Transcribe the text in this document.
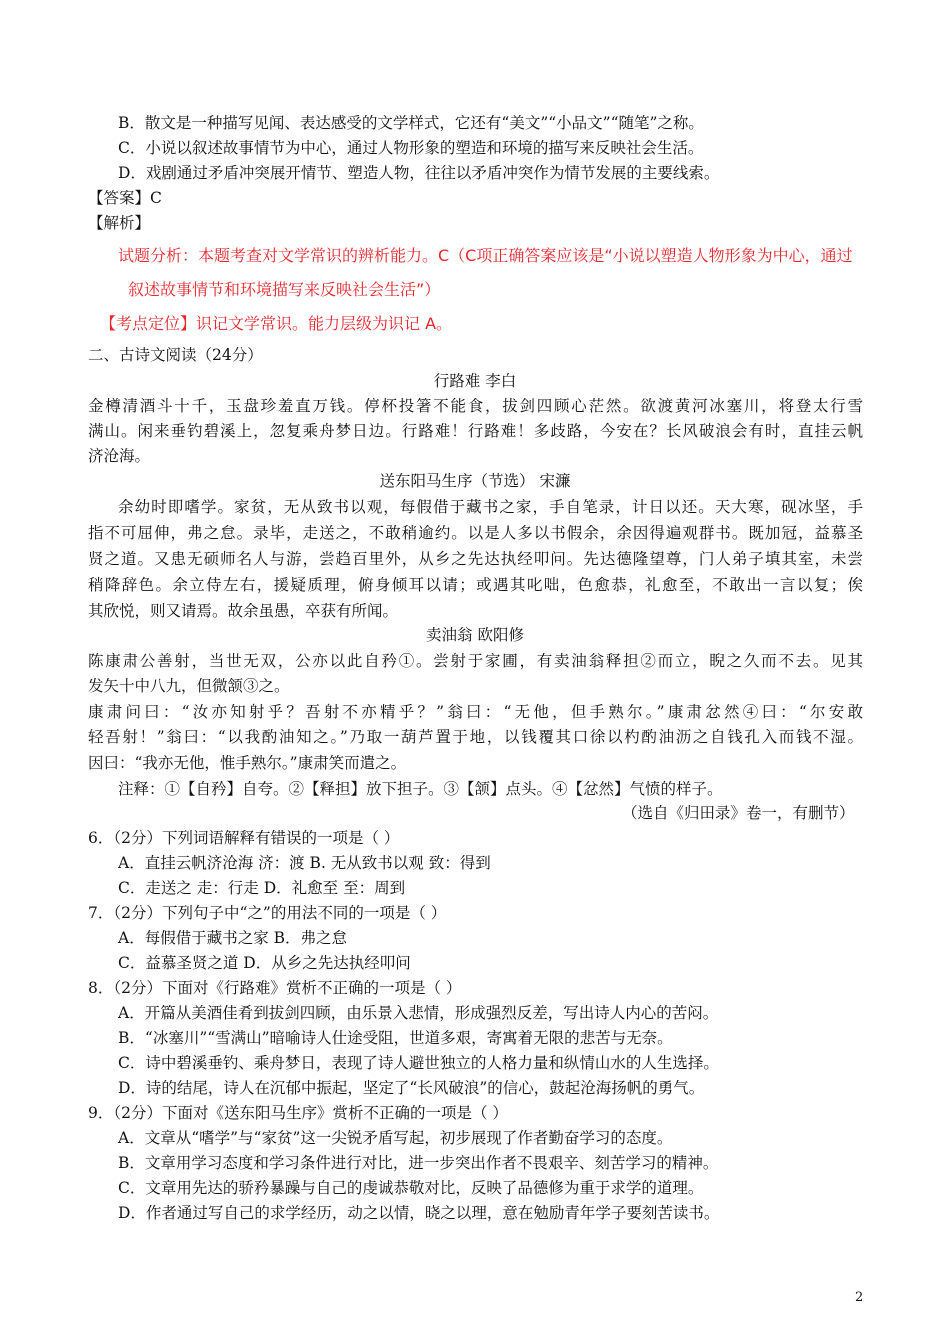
B．散文是一种描写见闻、表达感受的文学样式，它还有“美文”“小品文”“随笔”之称。
C．小说以叙述故事情节为中心，通过人物形象的塑造和环境的描写来反映社会生活。
D．戏剧通过矛盾冲突展开情节、塑造人物，往往以矛盾冲突作为情节发展的主要线索。
【答案】C
【解析】
试题分析：本题考查对文学常识的辨析能力。C（C项正确答案应该是“小说以塑造人物形象为中心，通过
叙述故事情节和环境描写来反映社会生活”）
【考点定位】识记文学常识。能力层级为识记 A。
二、古诗文阅读（24分）
行路难 李白
金樽清酒斗十千，玉盘珍羞直万钱。停杯投箸不能食，拔剑四顾心茫然。欲渡黄河冰塞川，将登太行雪
满山。闲来垂钓碧溪上，忽复乘舟梦日边。行路难！行路难！多歧路，今安在？长风破浪会有时，直挂云帆
济沧海。
送东阳马生序（节选） 宋濂
余幼时即嗜学。家贫，无从致书以观，每假借于藏书之家，手自笔录，计日以还。天大寒，砚冰坚，手
指不可屈伸，弗之怠。录毕，走送之，不敢稍逾约。以是人多以书假余，余因得遍观群书。既加冠，益慕圣
贤之道。又患无硕师名人与游，尝趋百里外，从乡之先达执经叩问。先达德隆望尊，门人弟子填其室，未尝
稍降辞色。余立侍左右，援疑质理，俯身倾耳以请；或遇其叱咄，色愈恭，礼愈至，不敢出一言以复；俟
其欣悦，则又请焉。故余虽愚，卒获有所闻。
卖油翁 欧阳修
陈康肃公善射，当世无双，公亦以此自矜①。尝射于家圃，有卖油翁释担②而立，睨之久而不去。见其
发矢十中八九，但微颔③之。
康肃问曰：“汝亦知射乎？吾射不亦精乎？”翁曰：“无他，但手熟尔。”康肃忿然④曰：“尔安敢
轻吾射！”翁曰：“以我酌油知之。”乃取一葫芦置于地，以钱覆其口徐以杓酌油沥之自钱孔入而钱不湿。
因曰：“我亦无他，惟手熟尔。”康肃笑而遣之。
注释：①【自矜】自夸。②【释担】放下担子。③【颔】点头。④【忿然】气愤的样子。
（选自《归田录》卷一，有删节）
6．（2分）下列词语解释有错误的一项是（ ）
A．直挂云帆济沧海 济：渡 B. 无从致书以观 致：得到
C．走送之 走：行走 D．礼愈至 至：周到
7．（2分）下列句子中“之”的用法不同的一项是（ ）
A．每假借于藏书之家 B．弗之怠
C．益慕圣贤之道 D．从乡之先达执经叩问
8．（2分）下面对《行路难》赏析不正确的一项是（ ）
A．开篇从美酒佳肴到拔剑四顾，由乐景入悲情，形成强烈反差，写出诗人内心的苦闷。
B．“冰塞川”“雪满山”暗喻诗人仕途受阻，世道多艰，寄寓着无限的悲苦与无奈。
C．诗中碧溪垂钓、乘舟梦日，表现了诗人避世独立的人格力量和纵情山水的人生选择。
D．诗的结尾，诗人在沉郁中振起，坚定了“长风破浪”的信心，鼓起沧海扬帆的勇气。
9．（2分）下面对《送东阳马生序》赏析不正确的一项是（ ）
A．文章从“嗜学”与“家贫”这一尖锐矛盾写起，初步展现了作者勤奋学习的态度。
B．文章用学习态度和学习条件进行对比，进一步突出作者不畏艰辛、刻苦学习的精神。
C．文章用先达的骄矜暴躁与自己的虔诚恭敬对比，反映了品德修为重于求学的道理。
D．作者通过写自己的求学经历，动之以情，晓之以理，意在勉励青年学子要刻苦读书。
2
